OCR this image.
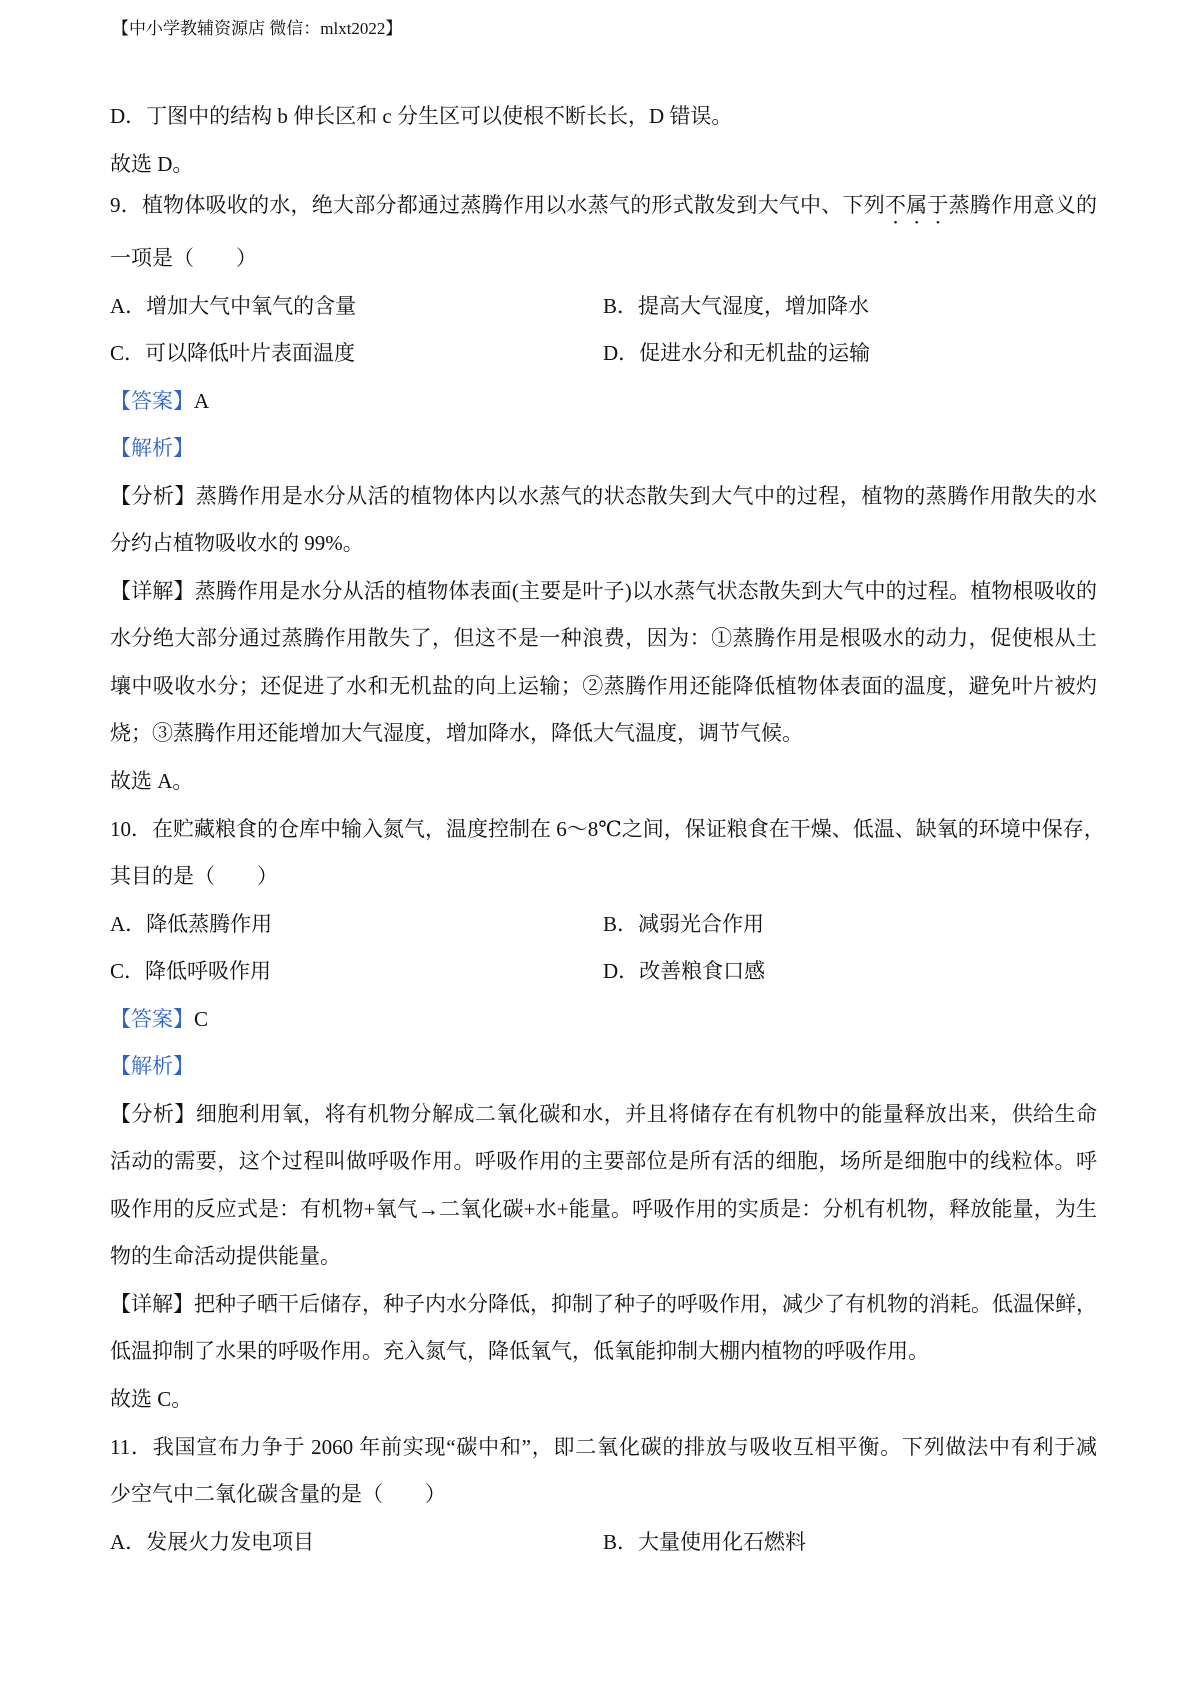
【中小学教辅资源店 微信：mlxt2022】
D．丁图中的结构 b 伸长区和 c 分生区可以使根不断长长，D 错误。
故选 D。
9．植物体吸收的水，绝大部分都通过蒸腾作用以水蒸气的形式散发到大气中、下列不属于蒸腾作用意义的
一项是（　　）
A．增加大气中氧气的含量	B．提高大气湿度，增加降水
C．可以降低叶片表面温度	D．促进水分和无机盐的运输
【答案】A
【解析】
【分析】蒸腾作用是水分从活的植物体内以水蒸气的状态散失到大气中的过程，植物的蒸腾作用散失的水
分约占植物吸收水的 99%。
【详解】蒸腾作用是水分从活的植物体表面(主要是叶子)以水蒸气状态散失到大气中的过程。植物根吸收的
水分绝大部分通过蒸腾作用散失了，但这不是一种浪费，因为：①蒸腾作用是根吸水的动力，促使根从土
壤中吸收水分；还促进了水和无机盐的向上运输；②蒸腾作用还能降低植物体表面的温度，避免叶片被灼
烧；③蒸腾作用还能增加大气湿度，增加降水，降低大气温度，调节气候。
故选 A。
10．在贮藏粮食的仓库中输入氮气，温度控制在 6～8℃之间，保证粮食在干燥、低温、缺氧的环境中保存，
其目的是（　　）
A．降低蒸腾作用	B．减弱光合作用
C．降低呼吸作用	D．改善粮食口感
【答案】C
【解析】
【分析】细胞利用氧，将有机物分解成二氧化碳和水，并且将储存在有机物中的能量释放出来，供给生命
活动的需要，这个过程叫做呼吸作用。呼吸作用的主要部位是所有活的细胞，场所是细胞中的线粒体。呼
吸作用的反应式是：有机物+氧气→二氧化碳+水+能量。呼吸作用的实质是：分机有机物，释放能量，为生
物的生命活动提供能量。
【详解】把种子晒干后储存，种子内水分降低，抑制了种子的呼吸作用，减少了有机物的消耗。低温保鲜，
低温抑制了水果的呼吸作用。充入氮气，降低氧气，低氧能抑制大棚内植物的呼吸作用。
故选 C。
11．我国宣布力争于 2060 年前实现“碳中和”，即二氧化碳的排放与吸收互相平衡。下列做法中有利于减
少空气中二氧化碳含量的是（　　）
A．发展火力发电项目	B．大量使用化石燃料
